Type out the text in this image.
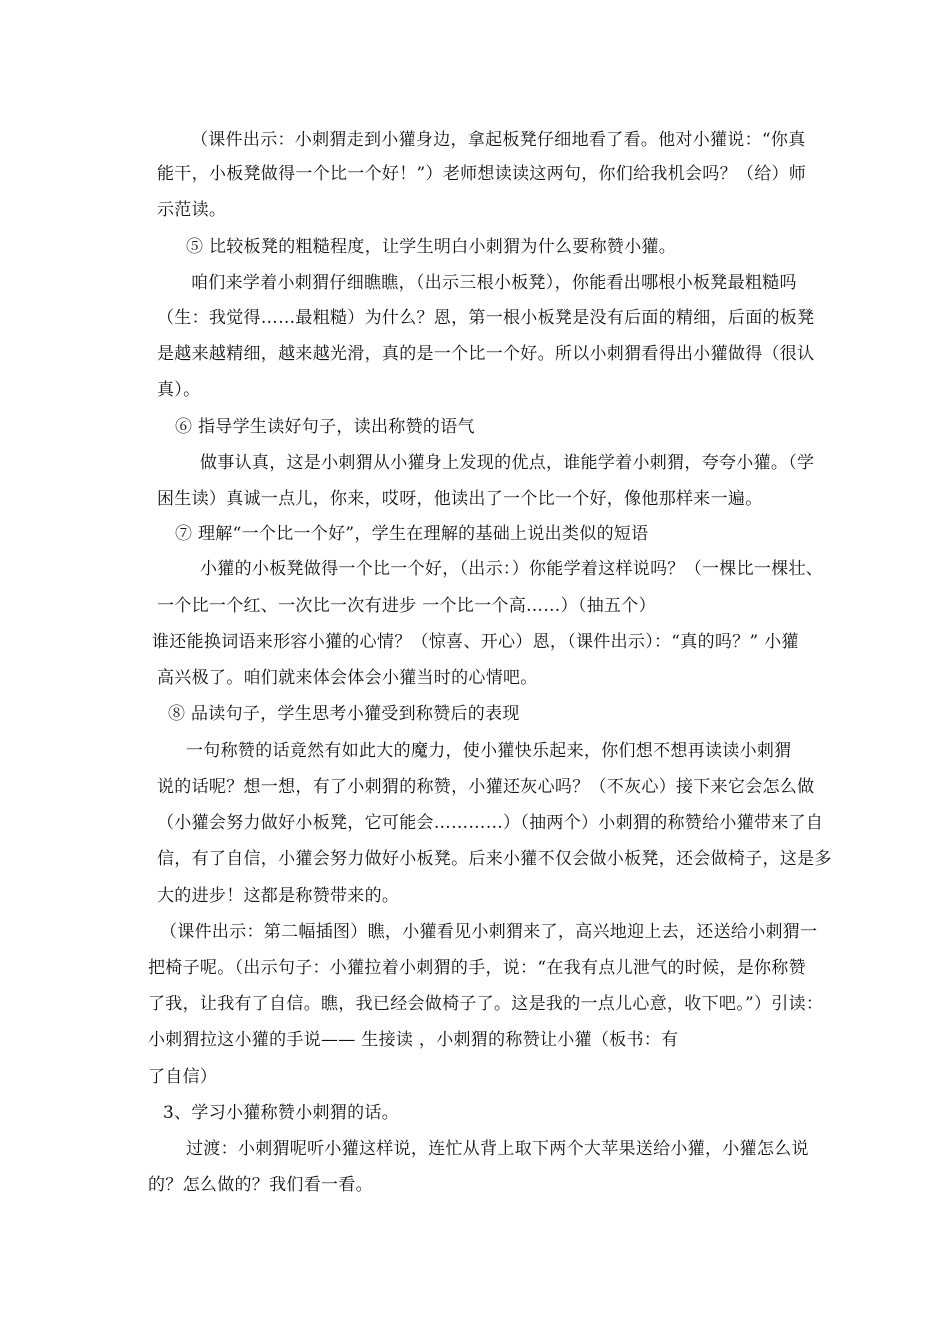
（课件出示：小刺猬走到小獾身边，拿起板凳仔细地看了看。他对小獾说：“你真
能干，小板凳做得一个比一个好！”）老师想读读这两句，你们给我机会吗？（给）师
示范读。
⑤ 比较板凳的粗糙程度，让学生明白小刺猬为什么要称赞小獾。
咱们来学着小刺猬仔细瞧瞧，（出示三根小板凳），你能看出哪根小板凳最粗糙吗
（生：我觉得……最粗糙）为什么？恩，第一根小板凳是没有后面的精细，后面的板凳
是越来越精细，越来越光滑，真的是一个比一个好。所以小刺猬看得出小獾做得（很认
真）。
⑥ 指导学生读好句子，读出称赞的语气
做事认真，这是小刺猬从小獾身上发现的优点，谁能学着小刺猬，夸夸小獾。（学
困生读）真诚一点儿，你来，哎呀，他读出了一个比一个好，像他那样来一遍。
⑦ 理解“一个比一个好”，学生在理解的基础上说出类似的短语
小獾的小板凳做得一个比一个好，（出示：）你能学着这样说吗？（一棵比一棵壮、
一个比一个红、一次比一次有进步 一个比一个高……）（抽五个）
谁还能换词语来形容小獾的心情？（惊喜、开心）恩，（课件出示）：“真的吗？” 小獾
高兴极了。咱们就来体会体会小獾当时的心情吧。
⑧ 品读句子，学生思考小獾受到称赞后的表现
一句称赞的话竟然有如此大的魔力，使小獾快乐起来，你们想不想再读读小刺猬
说的话呢？想一想，有了小刺猬的称赞，小獾还灰心吗？（不灰心）接下来它会怎么做
（小獾会努力做好小板凳，它可能会…………）（抽两个）小刺猬的称赞给小獾带来了自
信，有了自信，小獾会努力做好小板凳。后来小獾不仅会做小板凳，还会做椅子，这是多
大的进步！这都是称赞带来的。
（课件出示：第二幅插图）瞧，小獾看见小刺猬来了，高兴地迎上去，还送给小刺猬一
把椅子呢。（出示句子：小獾拉着小刺猬的手，说：“在我有点儿泄气的时候，是你称赞
了我，让我有了自信。瞧，我已经会做椅子了。这是我的一点儿心意，收下吧。”）引读：
小刺猬拉这小獾的手说—— 生接读 ，小刺猬的称赞让小獾（板书：有
了自信）
3、学习小獾称赞小刺猬的话。
过渡：小刺猬呢听小獾这样说，连忙从背上取下两个大苹果送给小獾，小獾怎么说
的？怎么做的？我们看一看。
